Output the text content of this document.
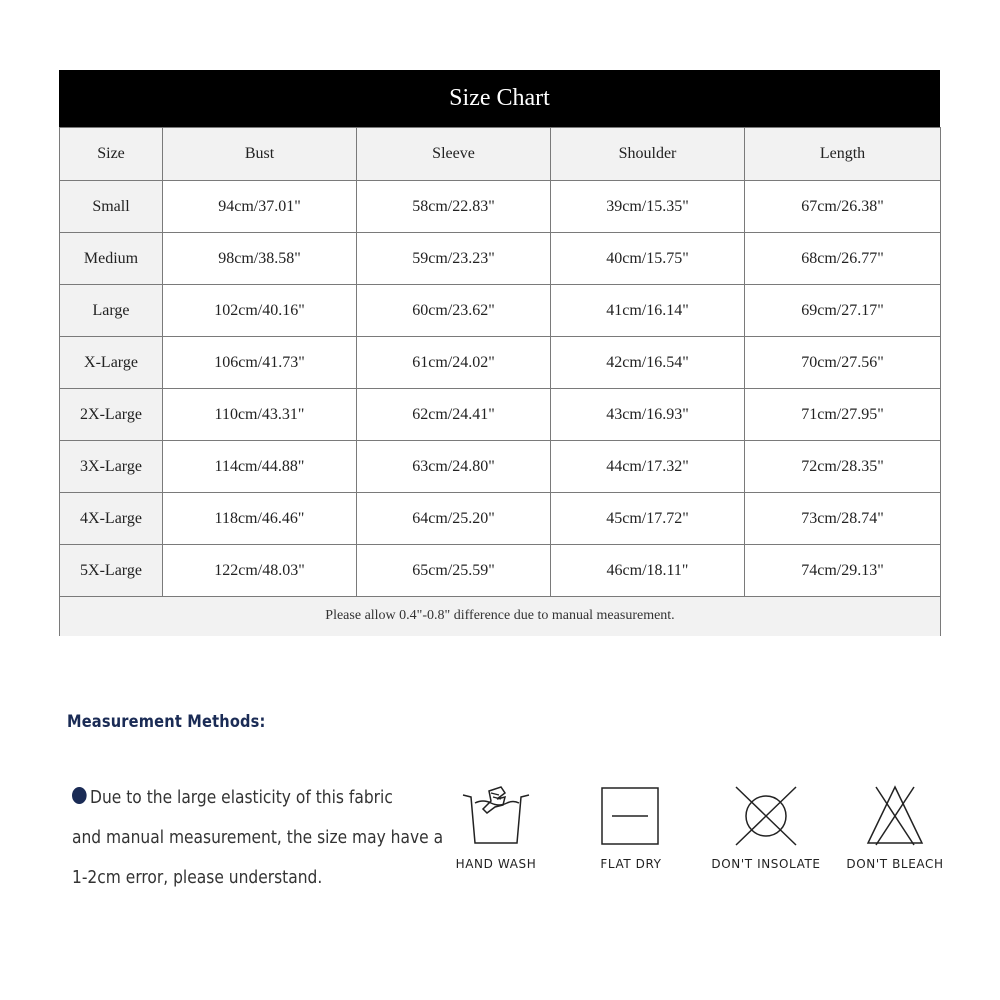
Size Chart
Size	Bust	Sleeve	Shoulder	Length
Small	94cm/37.01"	58cm/22.83"	39cm/15.35"	67cm/26.38"
Medium	98cm/38.58"	59cm/23.23"	40cm/15.75"	68cm/26.77"
Large	102cm/40.16"	60cm/23.62"	41cm/16.14"	69cm/27.17"
X-Large	106cm/41.73"	61cm/24.02"	42cm/16.54"	70cm/27.56"
2X-Large	110cm/43.31"	62cm/24.41"	43cm/16.93"	71cm/27.95"
3X-Large	114cm/44.88"	63cm/24.80"	44cm/17.32"	72cm/28.35"
4X-Large	118cm/46.46"	64cm/25.20"	45cm/17.72"	73cm/28.74"
5X-Large	122cm/48.03"	65cm/25.59"	46cm/18.11"	74cm/29.13"
Please allow 0.4"-0.8" difference due to manual measurement.				
Measurement Methods:
Due to the large elasticity of this fabric
and manual measurement, the size may have a
1-2cm error, please understand.
HAND WASH	FLAT DRY	DON'T INSOLATE	DON'T BLEACH
